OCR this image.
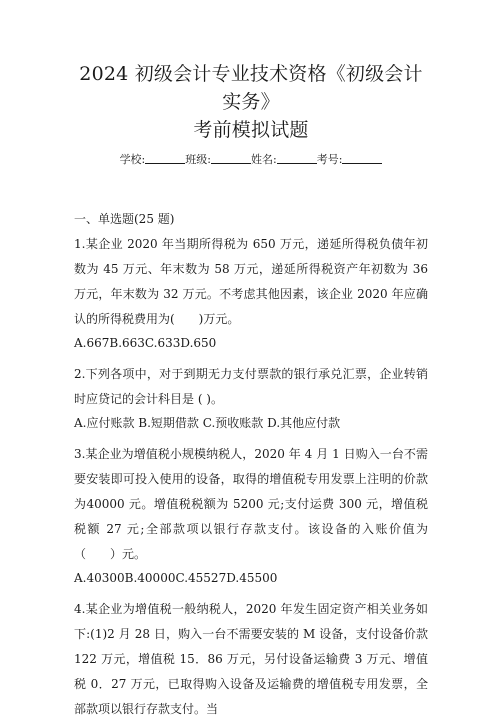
2024 初级会计专业技术资格《初级会计实务》
考前模拟试题
学校:	班级:	姓名:	考号:
一、单选题(25 题)
1.某企业 2020 年当期所得税为 650 万元，递延所得税负债年初数为 45 万元、年末数为 58 万元，递延所得税资产年初数为 36 万元，年末数为 32 万元。不考虑其他因素，该企业 2020 年应确认的所得税费用为(　　)万元。
A.667B.663C.633D.650
2.下列各项中，对于到期无力支付票款的银行承兑汇票，企业转销时应贷记的会计科目是 ( )。
A.应付账款 B.短期借款 C.预收账款 D.其他应付款
3.某企业为增值税小规模纳税人，2020 年 4 月 1 日购入一台不需要安装即可投入使用的设备，取得的增值税专用发票上注明的价款为40000 元。增值税税额为 5200 元;支付运费 300 元，增值税税额 27 元;全部款项以银行存款支付。该设备的入账价值为（　　）元。
A.40300B.40000C.45527D.45500
4.某企业为增值税一般纳税人，2020 年发生固定资产相关业务如下:(1)2 月 28 日，购入一台不需要安装的 M 设备，支付设备价款 122 万元，增值税 15．86 万元，另付设备运输费 3 万元、增值税 0．27 万元，已取得购入设备及运输费的增值税专用发票，全部款项以银行存款支付。当
